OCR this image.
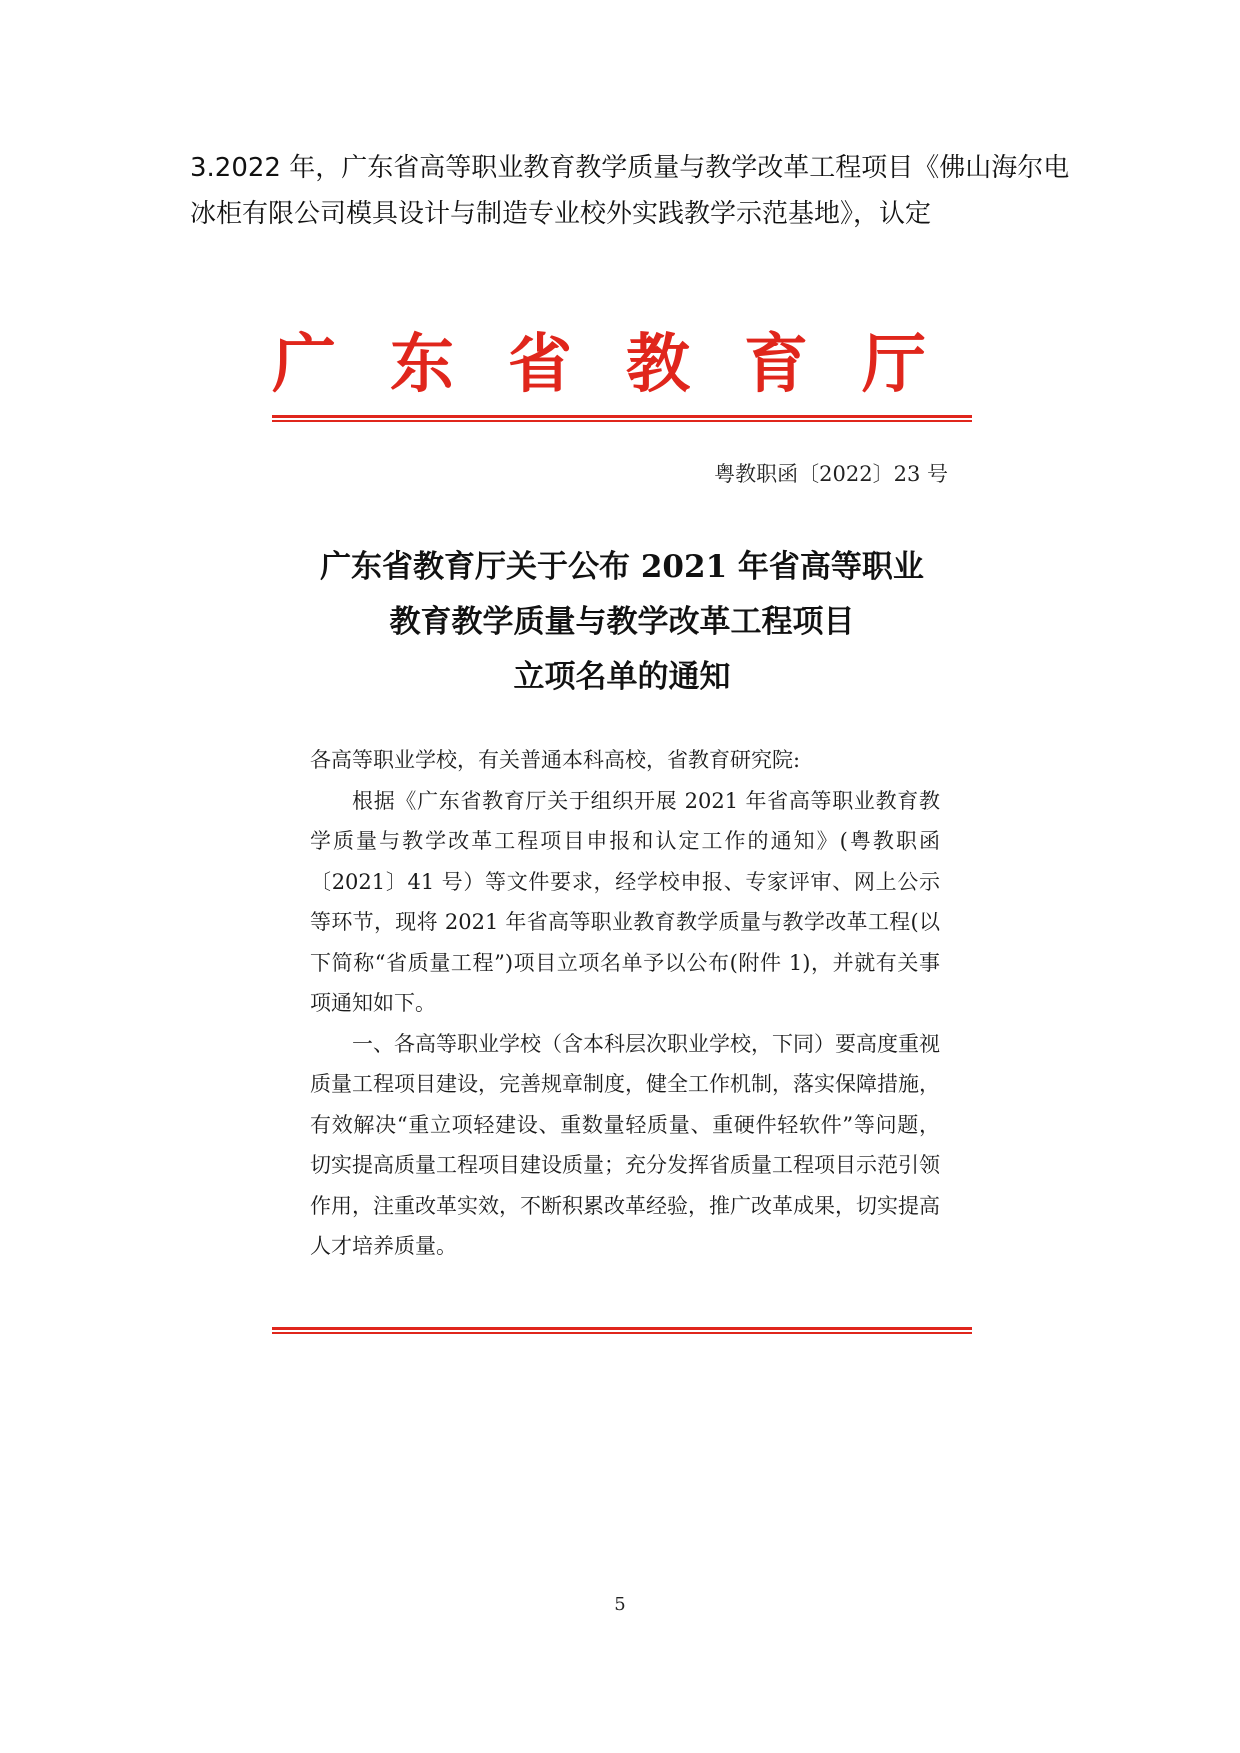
3.2022 年，广东省高等职业教育教学质量与教学改革工程项目《佛山海尔电冰柜有限公司模具设计与制造专业校外实践教学示范基地》，认定

广东省教育厅
粤教职函〔2022〕23 号
广东省教育厅关于公布 2021 年省高等职业
教育教学质量与教学改革工程项目
立项名单的通知

各高等职业学校，有关普通本科高校，省教育研究院:

根据《广东省教育厅关于组织开展 2021 年省高等职业教育教学质量与教学改革工程项目申报和认定工作的通知》(粤教职函〔2021〕41 号）等文件要求，经学校申报、专家评审、网上公示等环节，现将 2021 年省高等职业教育教学质量与教学改革工程(以下简称“省质量工程”)项目立项名单予以公布(附件 1)，并就有关事项通知如下。

一、各高等职业学校（含本科层次职业学校，下同）要高度重视质量工程项目建设，完善规章制度，健全工作机制，落实保障措施，有效解决“重立项轻建设、重数量轻质量、重硬件轻软件”等问题，切实提高质量工程项目建设质量；充分发挥省质量工程项目示范引领作用，注重改革实效，不断积累改革经验，推广改革成果，切实提高人才培养质量。

5
